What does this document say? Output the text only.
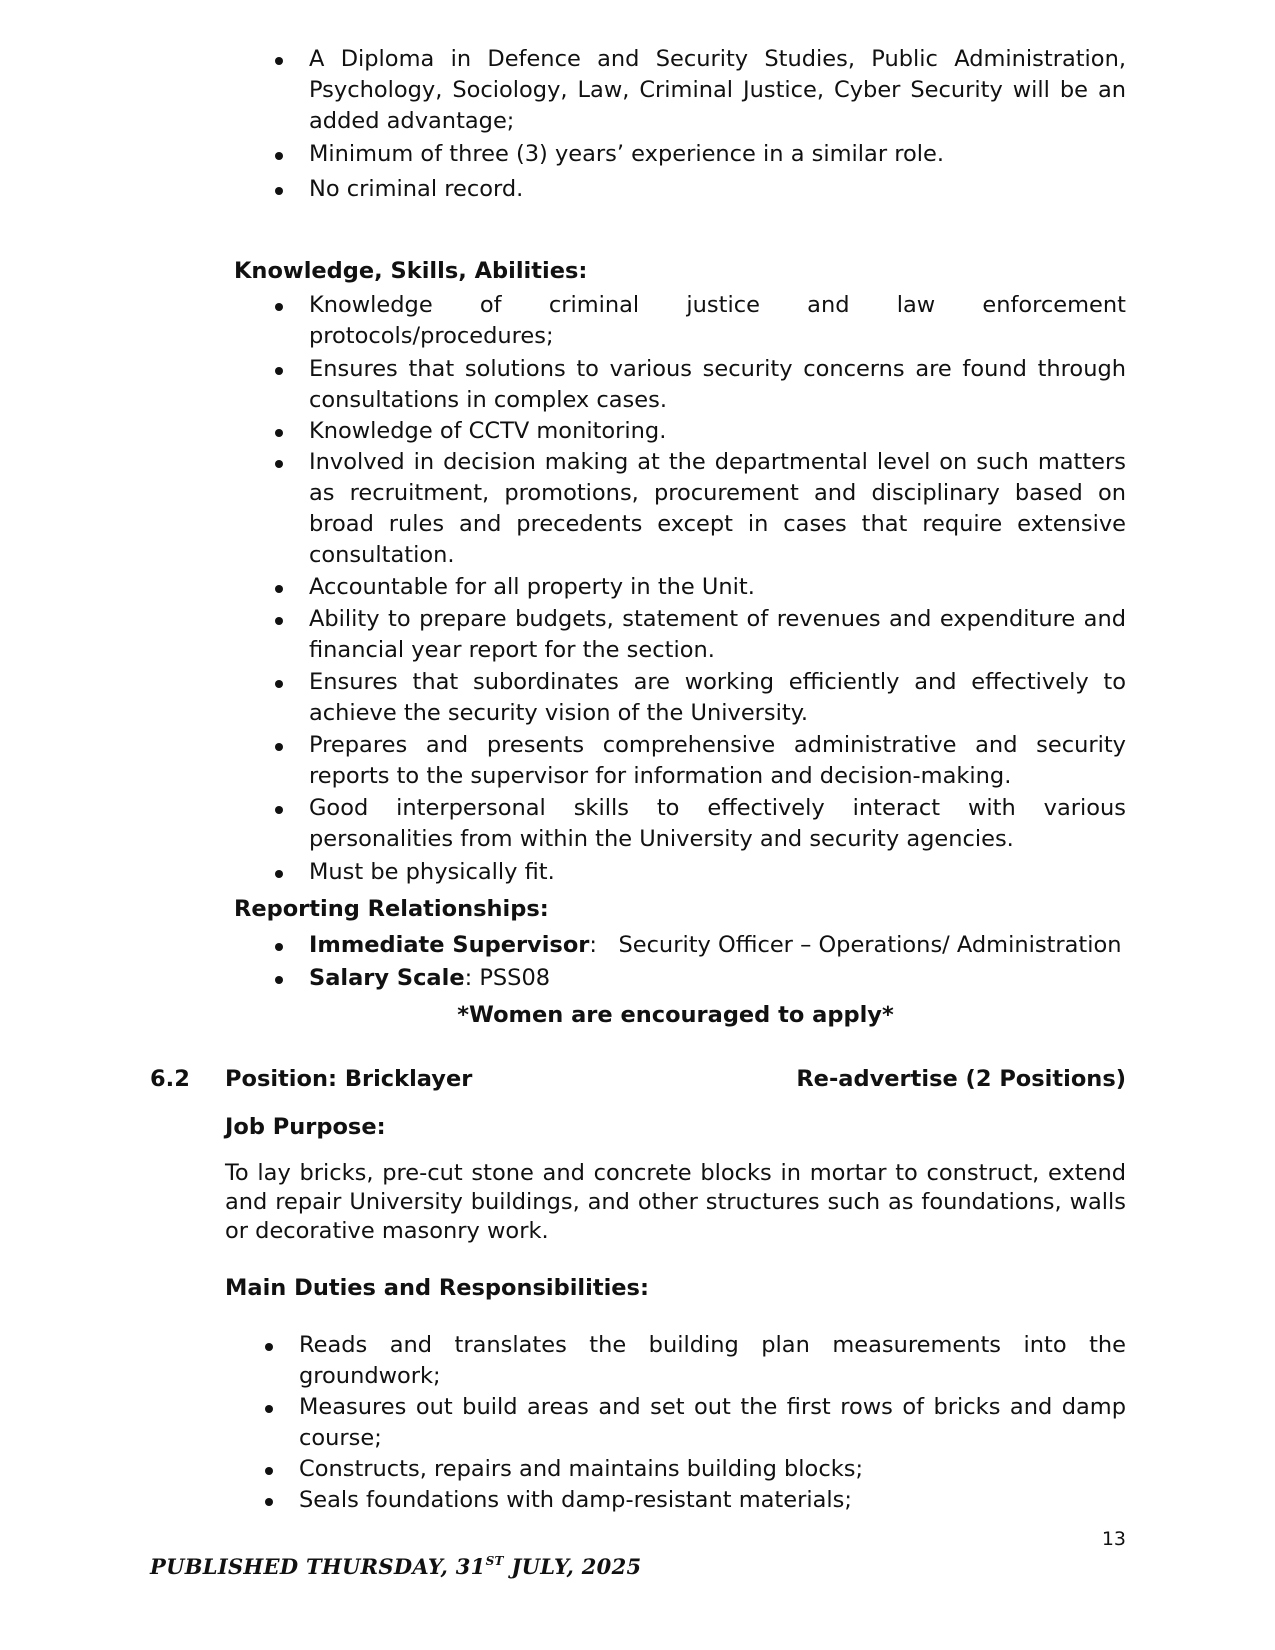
A Diploma in Defence and Security Studies, Public Administration, Psychology, Sociology, Law, Criminal Justice, Cyber Security will be an added advantage;
Minimum of three (3) years’ experience in a similar role.
No criminal record.
Knowledge, Skills, Abilities:
Knowledge of criminal justice and law enforcement protocols/procedures;
Ensures that solutions to various security concerns are found through consultations in complex cases.
Knowledge of CCTV monitoring.
Involved in decision making at the departmental level on such matters as recruitment, promotions, procurement and disciplinary based on broad rules and precedents except in cases that require extensive consultation.
Accountable for all property in the Unit.
Ability to prepare budgets, statement of revenues and expenditure and financial year report for the section.
Ensures that subordinates are working efficiently and effectively to achieve the security vision of the University.
Prepares and presents comprehensive administrative and security reports to the supervisor for information and decision-making.
Good interpersonal skills to effectively interact with various personalities from within the University and security agencies.
Must be physically fit.
Reporting Relationships:
Immediate Supervisor:   Security Officer – Operations/ Administration
Salary Scale: PSS08
*Women are encouraged to apply*
6.2 Position: Bricklayer	Re-advertise (2 Positions)
Job Purpose:
To lay bricks, pre-cut stone and concrete blocks in mortar to construct, extend and repair University buildings, and other structures such as foundations, walls or decorative masonry work.
Main Duties and Responsibilities:
Reads and translates the building plan measurements into the groundwork;
Measures out build areas and set out the first rows of bricks and damp course;
Constructs, repairs and maintains building blocks;
Seals foundations with damp-resistant materials;
13
PUBLISHED THURSDAY, 31ST JULY, 2025
